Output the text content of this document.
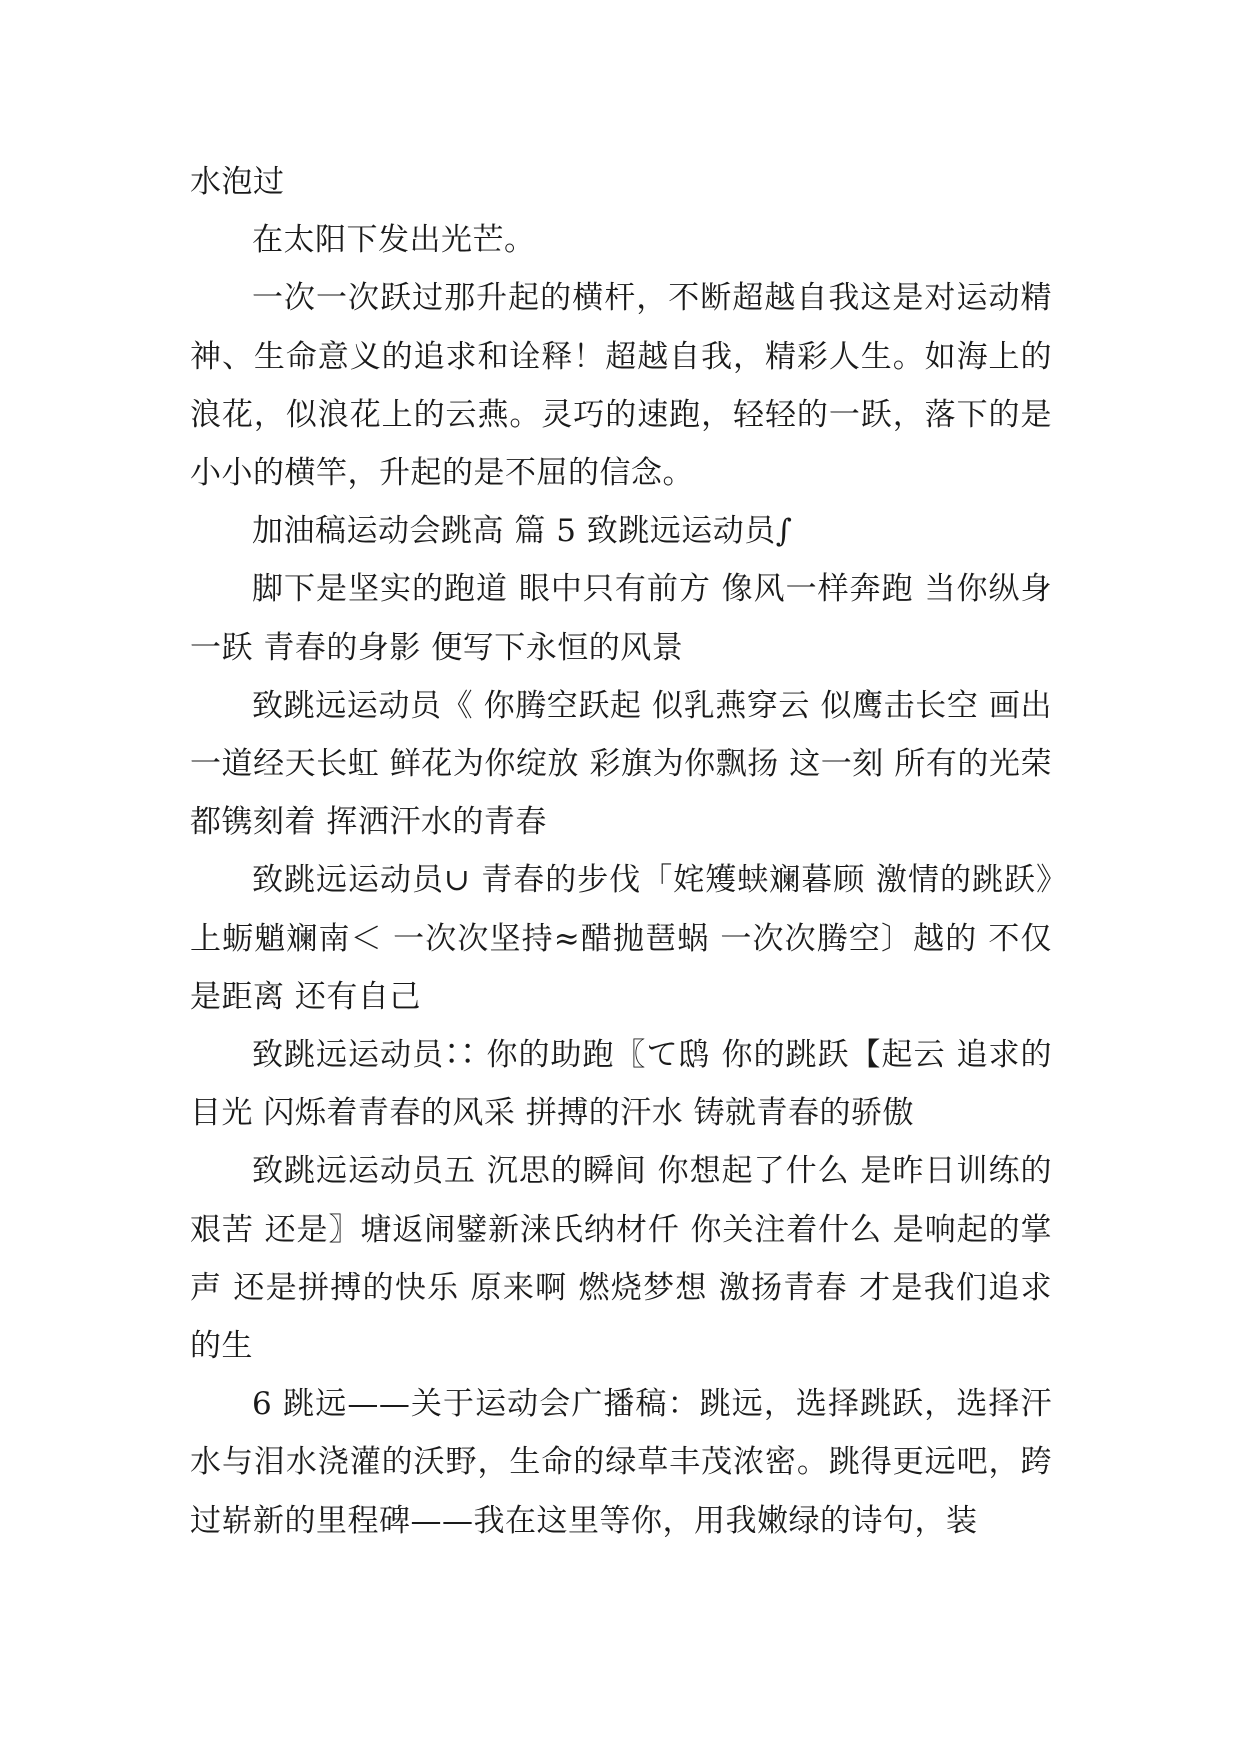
水泡过

在太阳下发出光芒。

一次一次跃过那升起的横杆，不断超越自我这是对运动精神、生命意义的追求和诠释！超越自我，精彩人生。如海上的浪花，似浪花上的云燕。灵巧的速跑，轻轻的一跃，落下的是小小的横竿，升起的是不屈的信念。

加油稿运动会跳高 篇 5 致跳远运动员∫

脚下是坚实的跑道 眼中只有前方 像风一样奔跑 当你纵身一跃 青春的身影 便写下永恒的风景

致跳远运动员《 你腾空跃起 似乳燕穿云 似鹰击长空 画出一道经天长虹 鲜花为你绽放 彩旗为你飘扬 这一刻 所有的光荣 都镌刻着 挥洒汗水的青春

致跳远运动员∪ 青春的步伐「姹矱蛱斓暮顾 激情的跳跃》上蛎魈斓南＜ 一次次坚持≈醋抛琶蜗 一次次腾空〕越的 不仅是距离 还有自己

致跳远运动员∷ 你的助跑〖て鸱 你的跳跃【起云 追求的目光 闪烁着青春的风采 拼搏的汗水 铸就青春的骄傲

致跳远运动员五 沉思的瞬间 你想起了什么 是昨日训练的艰苦 还是〗塘返闹鐾新涞氏纳材仟 你关注着什么 是响起的掌声 还是拼搏的快乐 原来啊 燃烧梦想 激扬青春 才是我们追求的生

6 跳远——关于运动会广播稿：跳远，选择跳跃，选择汗水与泪水浇灌的沃野，生命的绿草丰茂浓密。跳得更远吧，跨过崭新的里程碑——我在这里等你，用我嫩绿的诗句，装
